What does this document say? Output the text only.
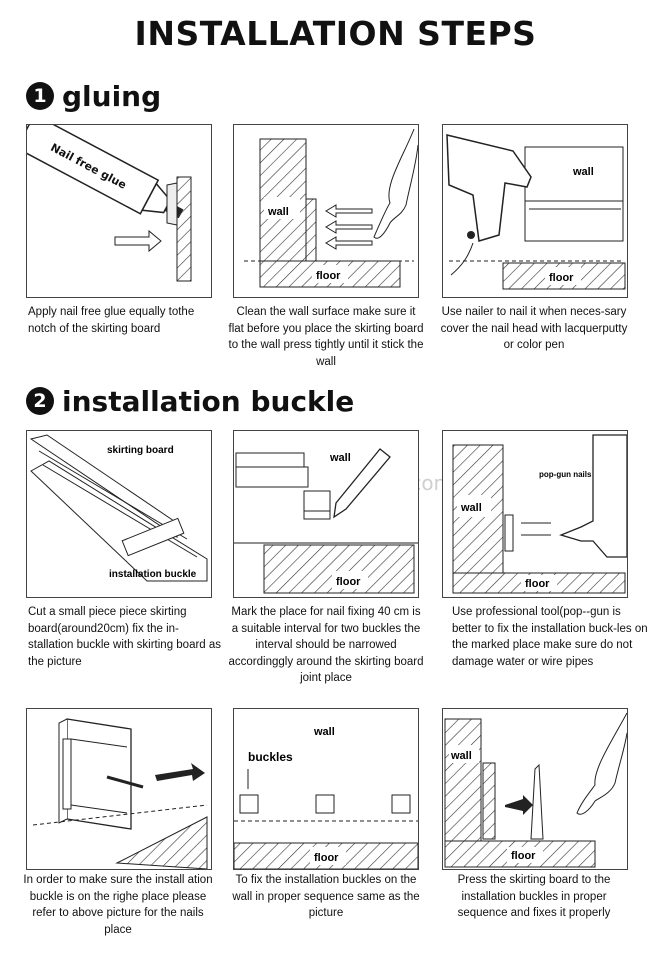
INSTALLATION STEPS
1 gluing
Nail free glue
Apply nail free glue equally tothe notch of the skirting board
wall
floor
Clean the wall surface make sure it flat before you place the skirting board to the wall press tightly until it stick the wall
wall
floor
Use nailer to nail it when neces-sary cover the nail head with lacquerputty or color pen
2 installation buckle
skirting board
installation buckle
Cut a small piece piece skirting board(around20cm) fix the in-stallation buckle with skirting board as the picture
wall
floor
Mark the place for nail fixing 40 cm is a suitable interval for two buckles the interval should be narrowed accordinggly around the skirting board joint place
wall
floor
pop-gun nails
Use professional tool(pop--gun is better to fix the installation buck-les on the marked place make sure do not damage water or wire pipes
In order to make sure the install ation buckle is on the righe place please refer to above picture for the nails place
wall
buckles
floor
To fix the installation buckles on the wall in proper sequence same as the picture
wall
floor
Press the skirting board to the installation buckles in proper sequence and fixes it properly
